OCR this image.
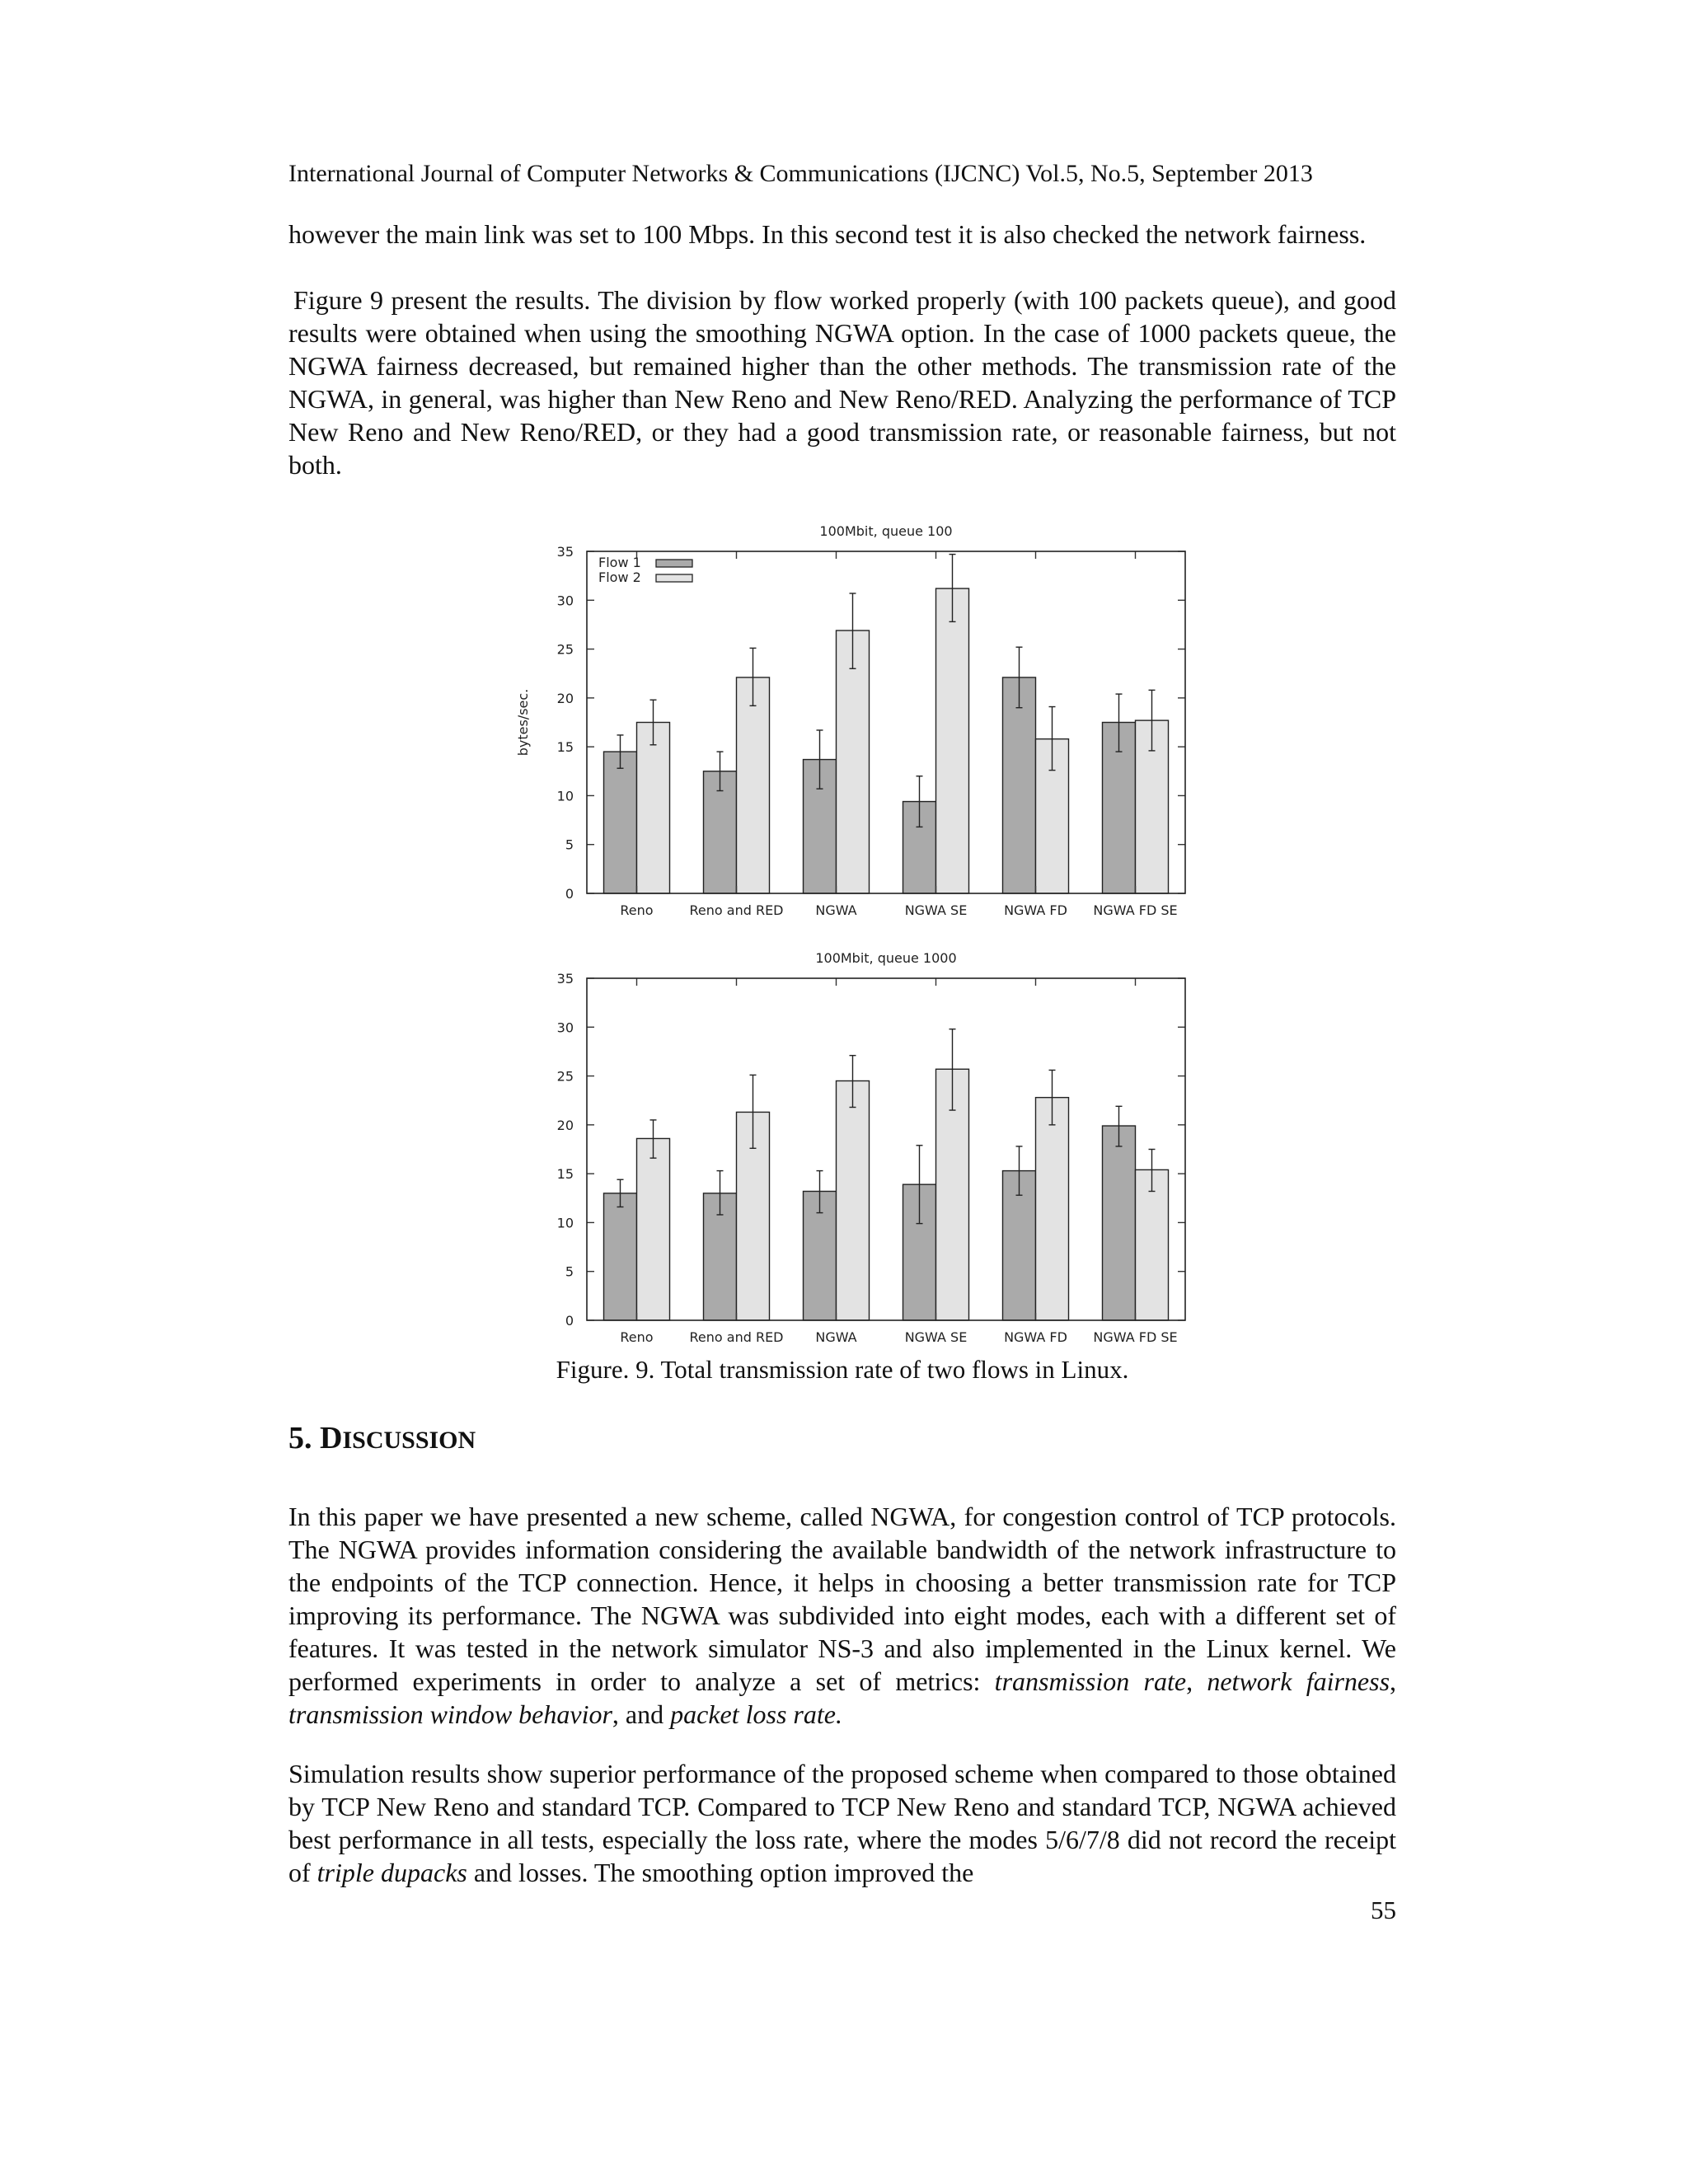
International Journal of Computer Networks & Communications (IJCNC) Vol.5, No.5, September 2013

however the main link was set to 100 Mbps. In this second test it is also checked the network fairness.

Figure 9 present the results. The division by flow worked properly (with 100 packets queue), and good results were obtained when using the smoothing NGWA option. In the case of 1000 packets queue, the NGWA fairness decreased, but remained higher than the other methods. The transmission rate of the NGWA, in general, was higher than New Reno and New Reno/RED. Analyzing the performance of TCP New Reno and New Reno/RED, or they had a good transmission rate, or reasonable fairness, but not both.

100Mbit, queue 100
bytes/sec.
0
5
10
15
20
25
30
35
Reno	Reno and RED NGWA	NGWA SE	NGWA FD NGWA FD SE
Flow 1
Flow 2
100Mbit, queue 1000
0
5
10
15
20
25
30
35
Reno	Reno and RED NGWA	NGWA SE	NGWA FD NGWA FD SE
Figure. 9. Total transmission rate of two flows in Linux.
5. DISCUSSION

In this paper we have presented a new scheme, called NGWA, for congestion control of TCP protocols. The NGWA provides information considering the available bandwidth of the network infrastructure to the endpoints of the TCP connection. Hence, it helps in choosing a better transmission rate for TCP improving its performance. The NGWA was subdivided into eight modes, each with a different set of features. It was tested in the network simulator NS-3 and also implemented in the Linux kernel. We performed experiments in order to analyze a set of metrics: transmission rate, network fairness, transmission window behavior, and packet loss rate.

Simulation results show superior performance of the proposed scheme when compared to those obtained by TCP New Reno and standard TCP. Compared to TCP New Reno and standard TCP, NGWA achieved best performance in all tests, especially the loss rate, where the modes 5/6/7/8 did not record the receipt of triple dupacks and losses. The smoothing option improved the

55
